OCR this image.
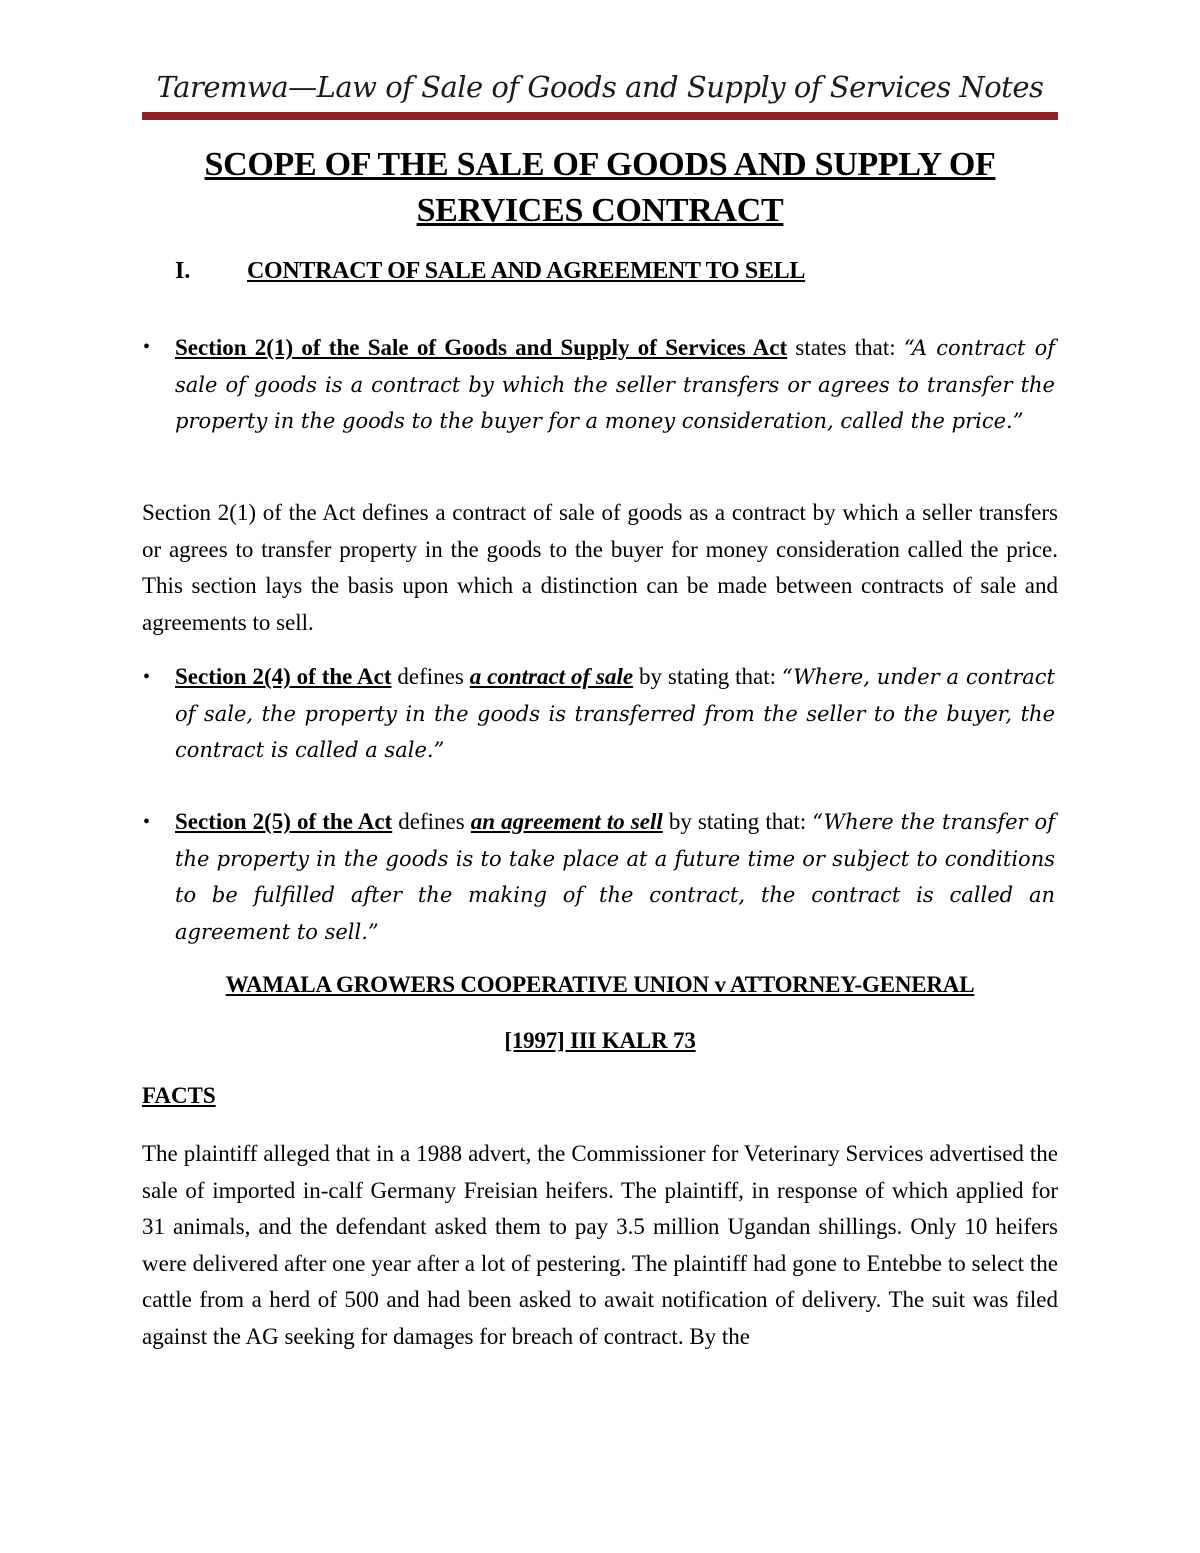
Taremwa—Law of Sale of Goods and Supply of Services Notes
SCOPE OF THE SALE OF GOODS AND SUPPLY OF
SERVICES CONTRACT
I. CONTRACT OF SALE AND AGREEMENT TO SELL
• Section 2(1) of the Sale of Goods and Supply of Services Act states that: “A contract of sale of goods is a contract by which the seller transfers or agrees to transfer the property in the goods to the buyer for a money consideration, called the price.”
Section 2(1) of the Act defines a contract of sale of goods as a contract by which a seller transfers or agrees to transfer property in the goods to the buyer for money consideration called the price. This section lays the basis upon which a distinction can be made between contracts of sale and agreements to sell.
• Section 2(4) of the Act defines a contract of sale by stating that: “Where, under a contract of sale, the property in the goods is transferred from the seller to the buyer, the contract is called a sale.”
• Section 2(5) of the Act defines an agreement to sell by stating that: “Where the transfer of the property in the goods is to take place at a future time or subject to conditions to be fulfilled after the making of the contract, the contract is called an agreement to sell.”
WAMALA GROWERS COOPERATIVE UNION v ATTORNEY-GENERAL
[1997] III KALR 73
FACTS
The plaintiff alleged that in a 1988 advert, the Commissioner for Veterinary Services advertised the sale of imported in-calf Germany Freisian heifers. The plaintiff, in response of which applied for 31 animals, and the defendant asked them to pay 3.5 million Ugandan shillings. Only 10 heifers were delivered after one year after a lot of pestering. The plaintiff had gone to Entebbe to select the cattle from a herd of 500 and had been asked to await notification of delivery. The suit was filed against the AG seeking for damages for breach of contract. By the
